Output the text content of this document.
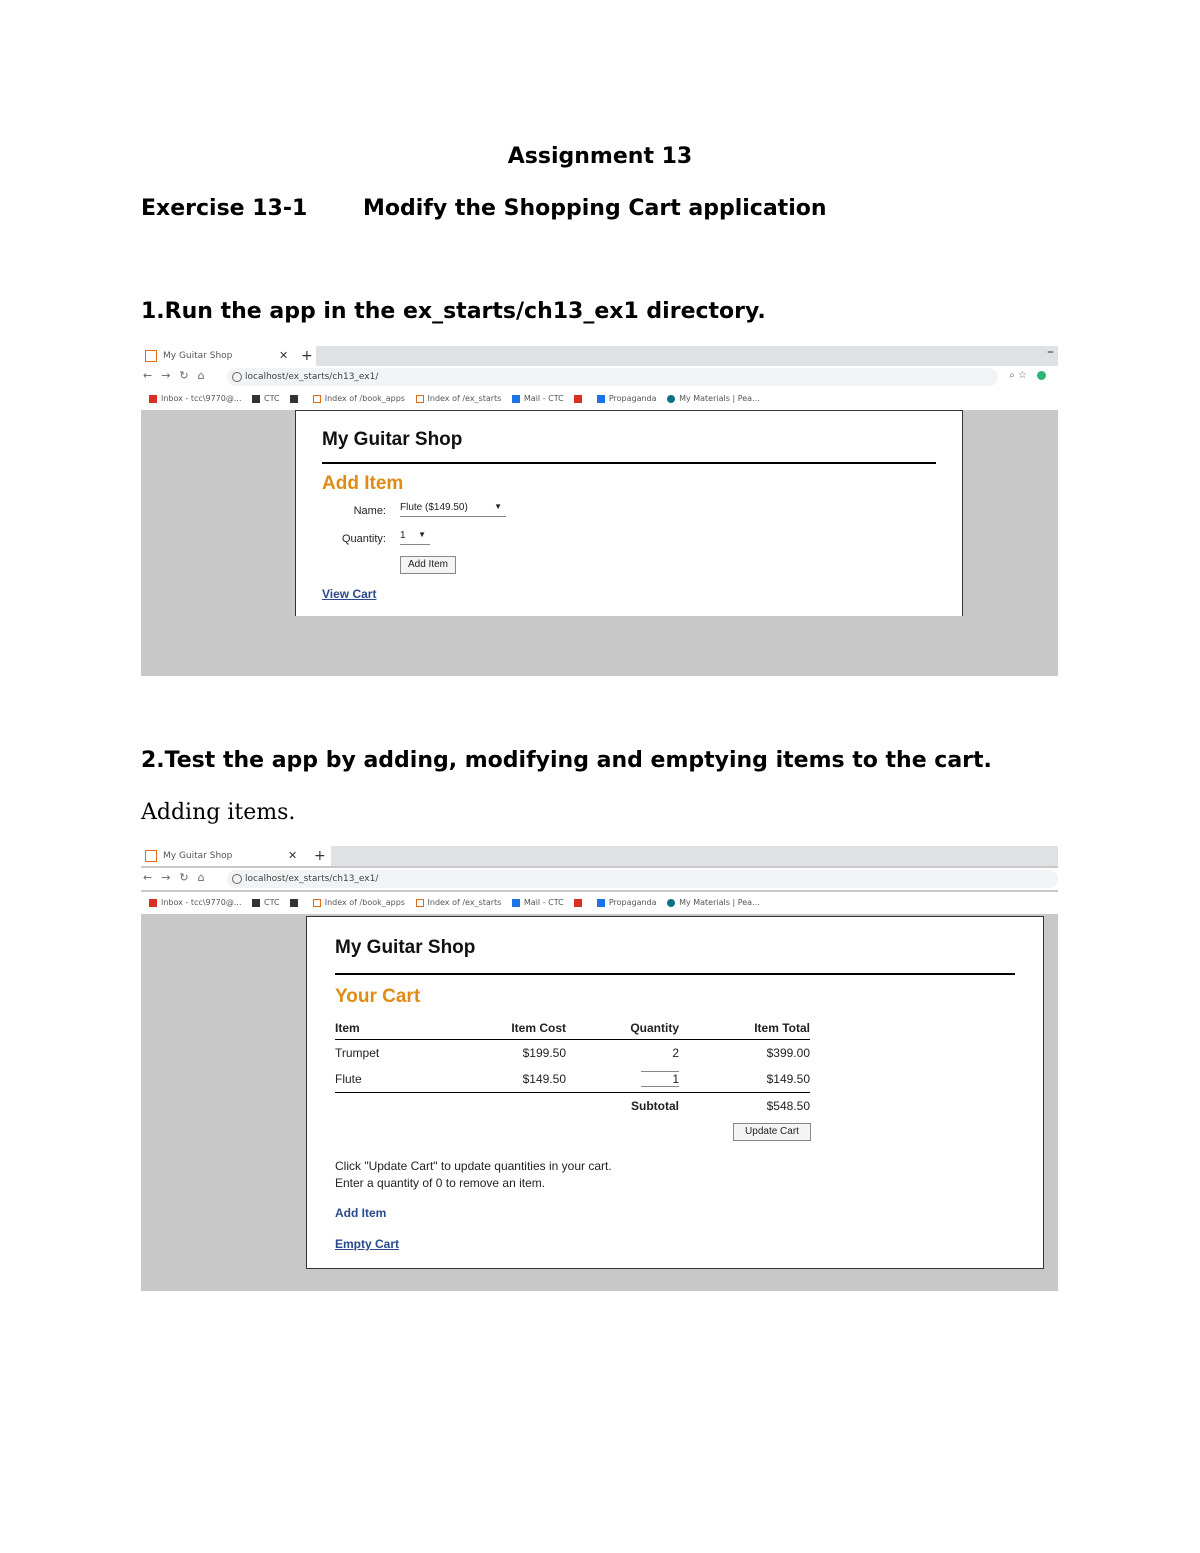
Assignment 13
Exercise 13-1	Modify the Shopping Cart application
1.Run the app in the ex_starts/ch13_ex1 directory.
My Guitar Shop	✕ +	–
←→↻⌂	localhost/ex_starts/ch13_ex1/	⌕ ☆
Inbox - tcc\9770@...	CTC	Index of /book_apps	Index of /ex_starts	Mail - CTC	Propaganda	My Materials | Pea...
My Guitar Shop
Add Item
Name: Flute ($149.50)	▼
Quantity: 1 ▼
Add Item
View Cart
2.Test the app by adding, modifying and emptying items to the cart.
Adding items.
My Guitar Shop	✕ +
←→↻⌂	localhost/ex_starts/ch13_ex1/
Inbox - tcc\9770@...	CTC	Index of /book_apps	Index of /ex_starts	Mail - CTC	Propaganda	My Materials | Pea...
My Guitar Shop
Your Cart
Item	Item Cost	Quantity	Item Total
Trumpet	$199.50	2	$399.00
Flute	$149.50	1	$149.50
		Subtotal	$548.50
Update Cart
Click "Update Cart" to update quantities in your cart.
Enter a quantity of 0 to remove an item.
Add Item
Empty Cart
